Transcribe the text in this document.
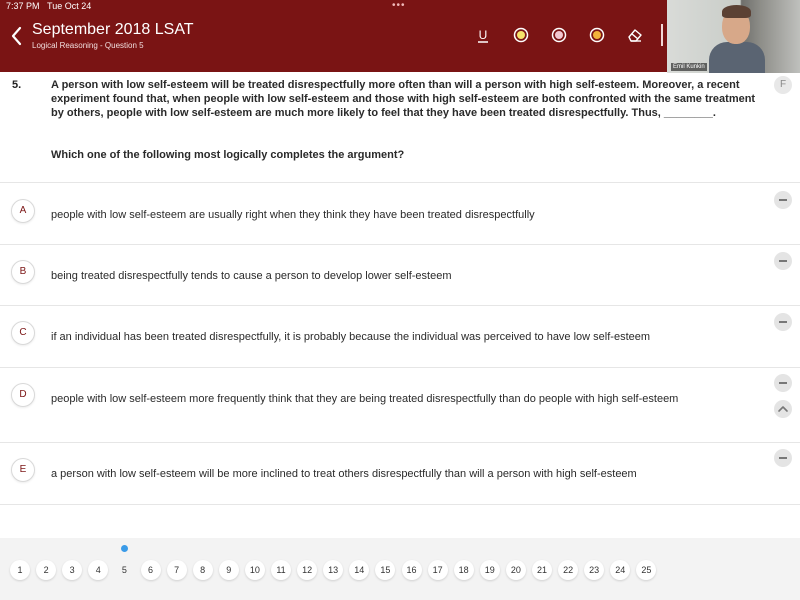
7:37 PM Tue Oct 24	•••
September 2018 LSAT
Logical Reasoning - Question 5
U
Emil Kunkin
5.	A person with low self-esteem will be treated disrespectfully more often than will a person with high self-esteem. Moreover, a recent experiment found that, when people with low self-esteem and those with high self-esteem are both confronted with the same treatment by others, people with low self-esteem are much more likely to feel that they have been treated disrespectfully. Thus, ________.
Which one of the following most logically completes the argument?
F
A	people with low self-esteem are usually right when they think they have been treated disrespectfully
B	being treated disrespectfully tends to cause a person to develop lower self-esteem
C	if an individual has been treated disrespectfully, it is probably because the individual was perceived to have low self-esteem
D	people with low self-esteem more frequently think that they are being treated disrespectfully than do people with high self-esteem
E	a person with low self-esteem will be more inclined to treat others disrespectfully than will a person with high self-esteem
1	2	3	4	5	6	7	8	9	10	11	12	13	14	15	16	17	18	19	20	21	22	23	24	25
